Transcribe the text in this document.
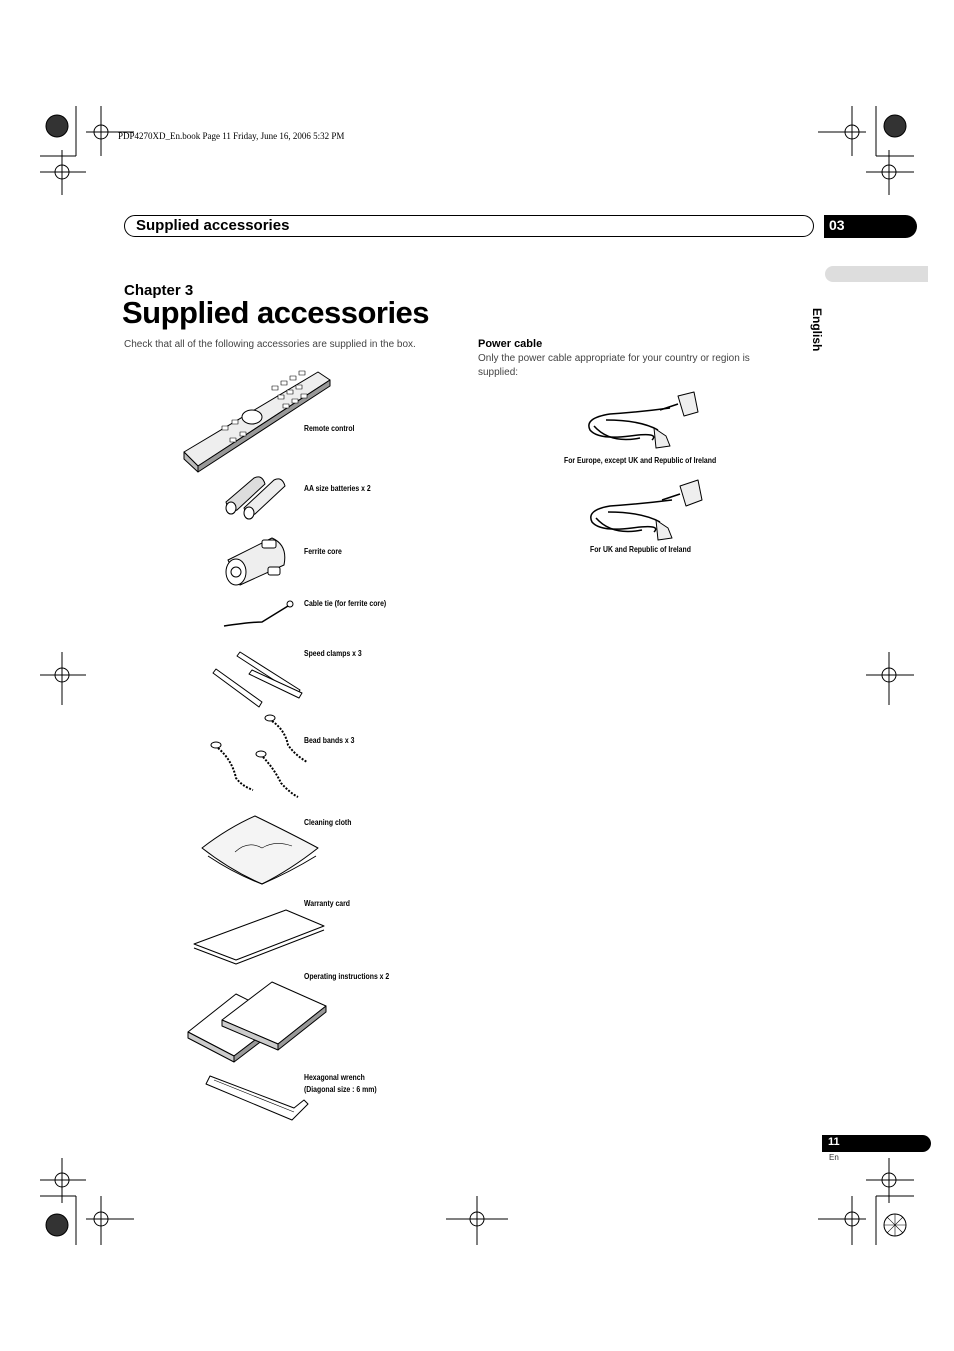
PDP4270XD_En.book Page 11 Friday, June 16, 2006 5:32 PM
Supplied accessories	03
English
Chapter 3
Supplied accessories
Check that all of the following accessories are supplied in the box.
Remote control
AA size batteries x 2
Ferrite core
Cable tie (for ferrite core)
Speed clamps x 3
Bead bands x 3
Cleaning cloth
Warranty card
Operating instructions x 2
Hexagonal wrench
(Diagonal size : 6 mm)
Power cable
Only the power cable appropriate for your country or region is supplied:
For Europe, except UK and Republic of Ireland
For UK and Republic of Ireland
11
En
